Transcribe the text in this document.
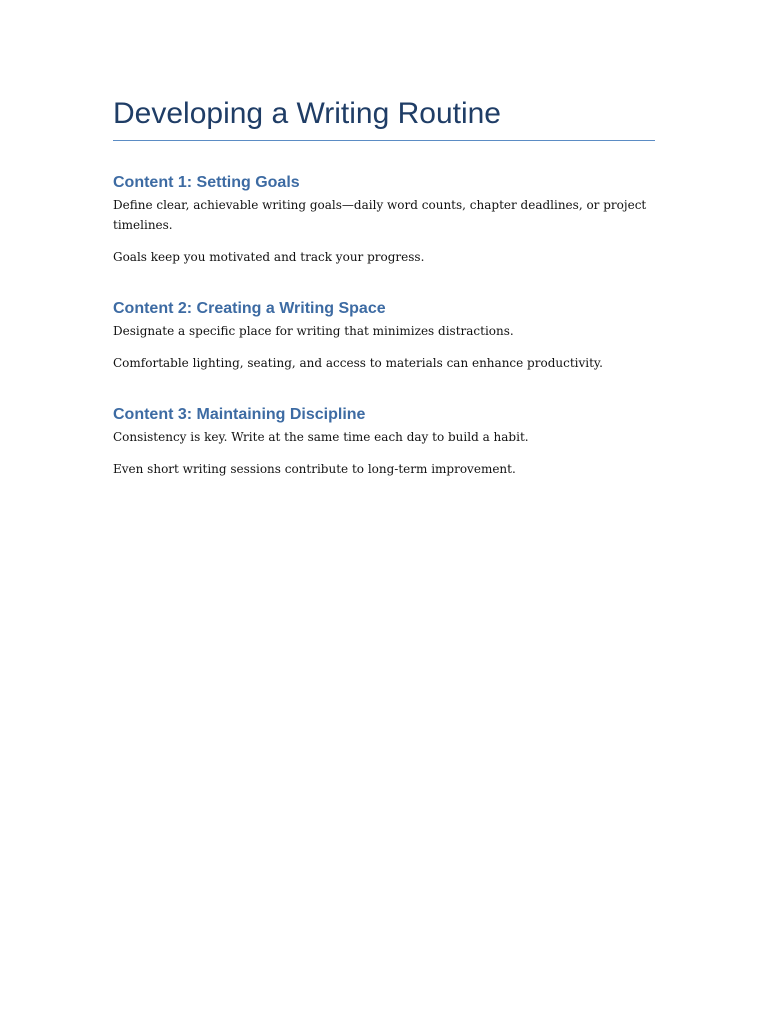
Developing a Writing Routine
Content 1: Setting Goals

Define clear, achievable writing goals—daily word counts, chapter deadlines, or project timelines.

Goals keep you motivated and track your progress.

Content 2: Creating a Writing Space

Designate a specific place for writing that minimizes distractions.

Comfortable lighting, seating, and access to materials can enhance productivity.

Content 3: Maintaining Discipline

Consistency is key. Write at the same time each day to build a habit.

Even short writing sessions contribute to long-term improvement.
